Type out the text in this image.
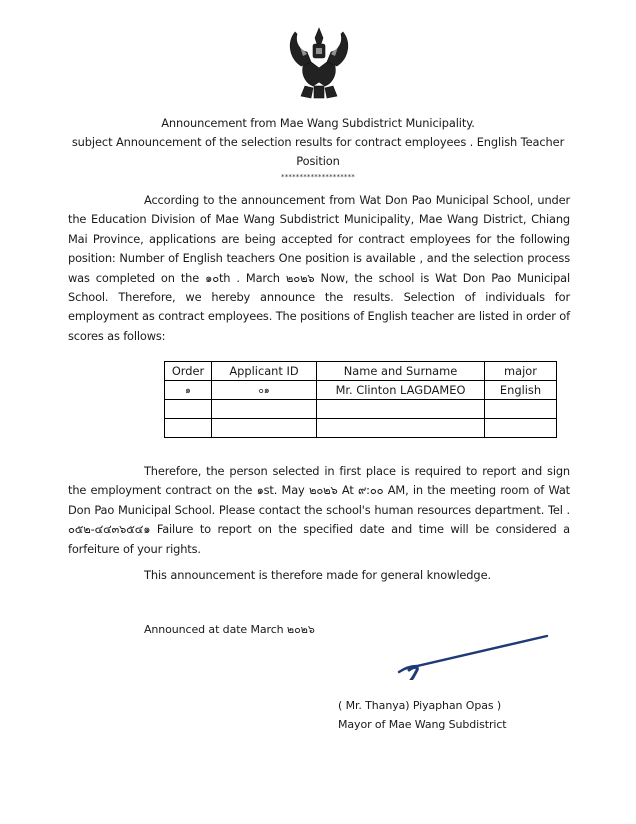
Announcement from Mae Wang Subdistrict Municipality.
subject Announcement of the selection results for contract employees . English Teacher
Position
********************
According to the announcement from Wat Don Pao Municipal School, under the Education Division of Mae Wang Subdistrict Municipality, Mae Wang District, Chiang Mai Province, applications are being accepted for contract employees for the following position: Number of English teachers One position is available , and the selection process was completed on the ๑๐th . March ๒๐๒๖ Now, the school is Wat Don Pao Municipal School. Therefore, we hereby announce the results. Selection of individuals for employment as contract employees. The positions of English teacher are listed in order of scores as follows:
Order	Applicant ID	Name and Surname	major
๑	๐๑	Mr. Clinton LAGDAMEO	English

Therefore, the person selected in first place is required to report and sign the employment contract on the ๑st. May ๒๐๒๖ At ๙:๐๐ AM, in the meeting room of Wat Don Pao Municipal School. Please contact the school's human resources department. Tel . ๐๕๒-๔๔๓๖๕๔๑ Failure to report on the specified date and time will be considered a forfeiture of your rights.
This announcement is therefore made for general knowledge.
Announced at date March ๒๐๒๖
( Mr. Thanya) Piyaphan Opas )
Mayor of Mae Wang Subdistrict
